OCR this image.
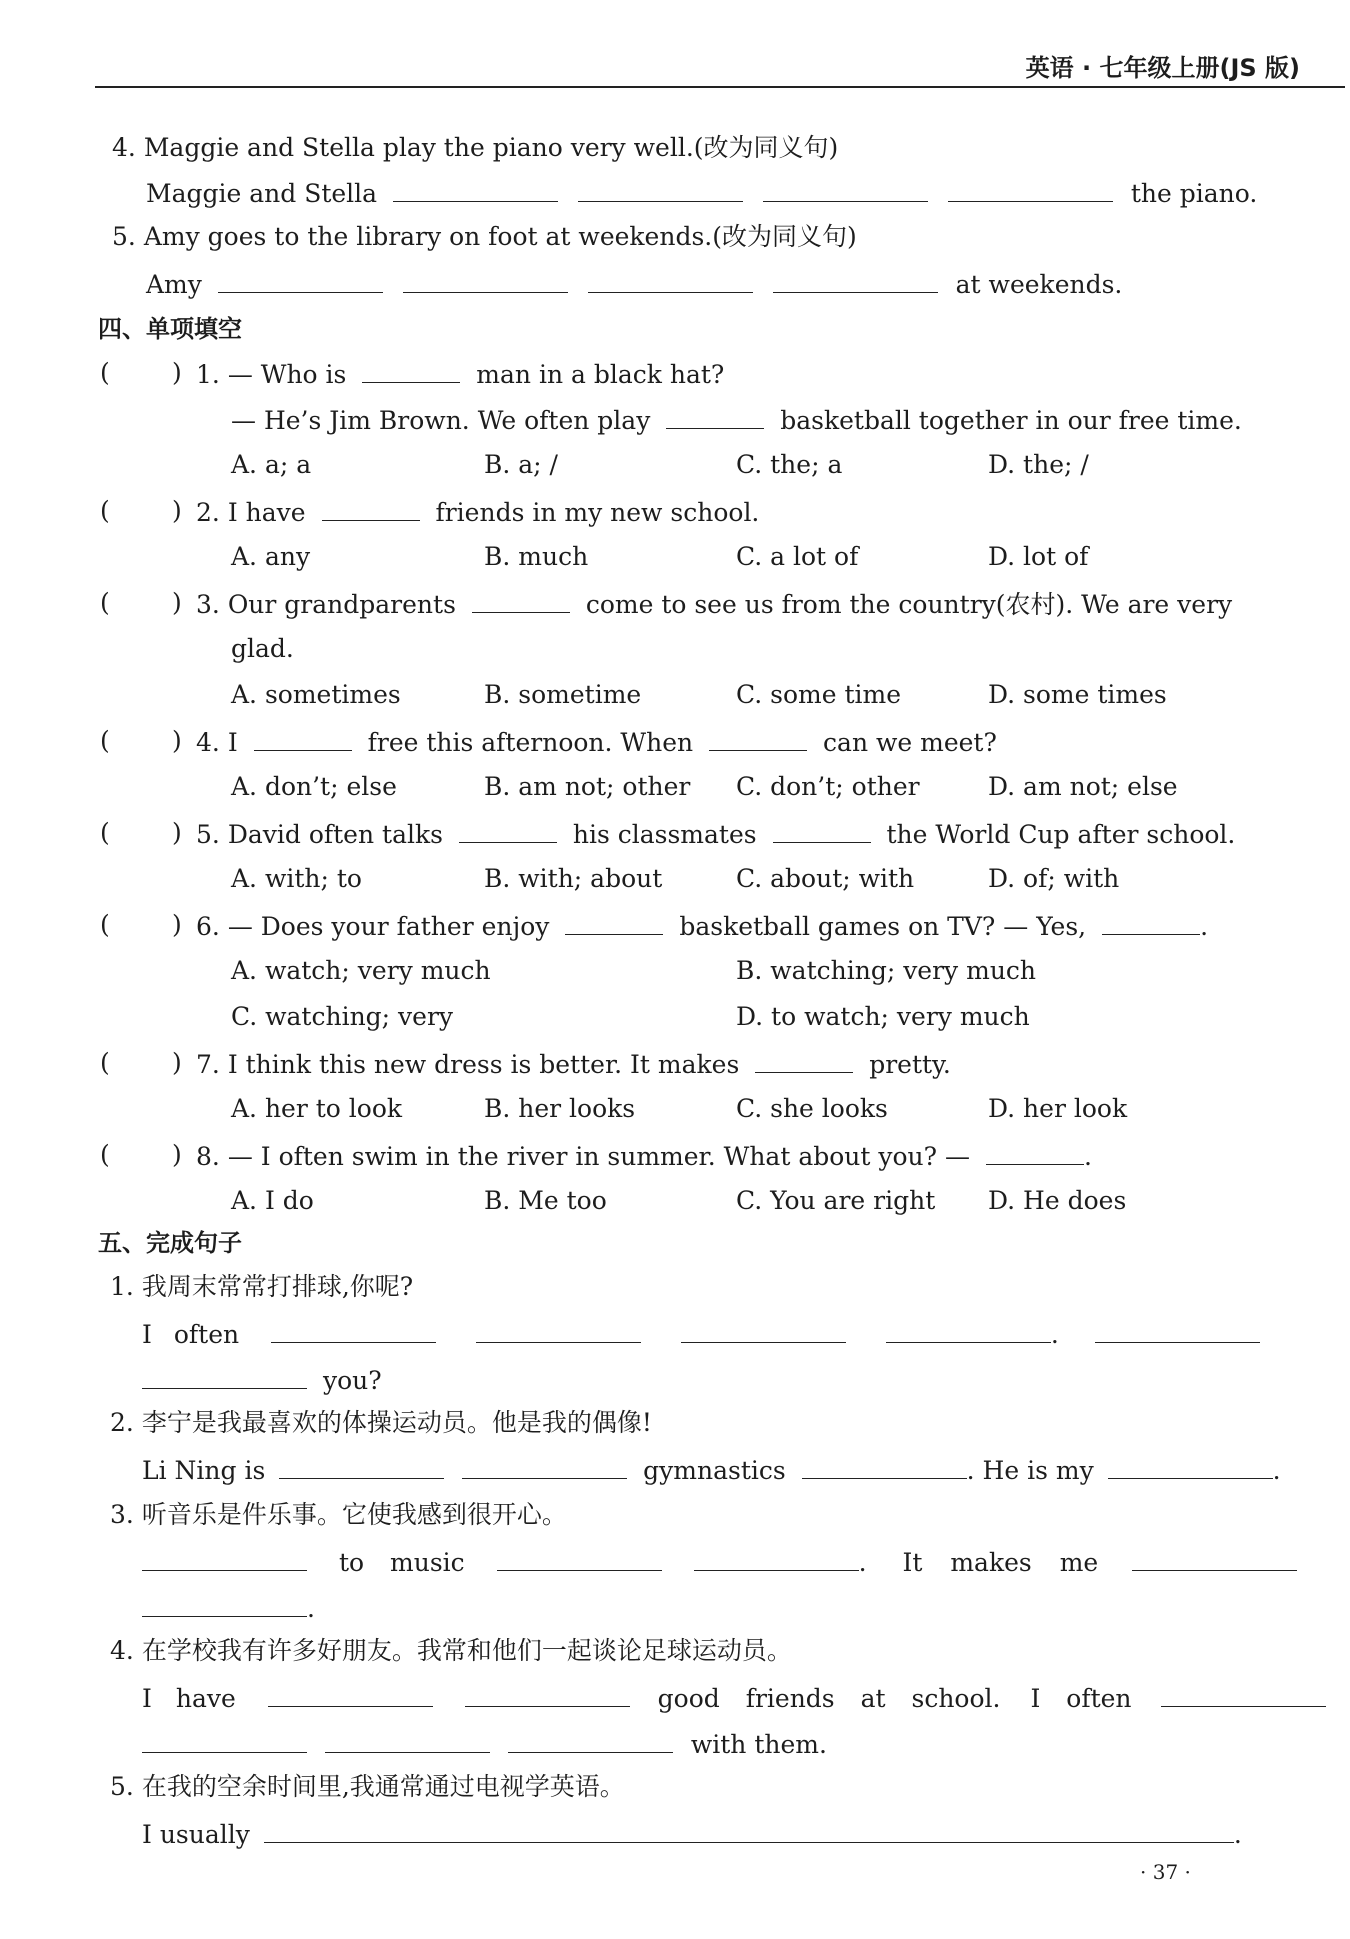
英语 · 七年级上册(JS 版)
4. Maggie and Stella play the piano very well.(改为同义句)
Maggie and Stella	the piano.
5. Amy goes to the library on foot at weekends.(改为同义句)
Amy	at weekends.
四、单项填空
( ) 1. — Who is	man in a black hat?
— He’s Jim Brown. We often play	basketball together in our free time.
A. a; a	B. a; /	C. the; a	D. the; /
( ) 2. I have	friends in my new school.
A. any	B. much	C. a lot of	D. lot of
( ) 3. Our grandparents	come to see us from the country(农村). We are very
glad.
A. sometimes	B. sometime	C. some time	D. some times
( ) 4. I	free this afternoon. When	can we meet?
A. don’t; else	B. am not; other C. don’t; other	D. am not; else
( ) 5. David often talks	his classmates	the World Cup after school.
A. with; to	B. with; about	C. about; with	D. of; with
( ) 6. — Does your father enjoy	basketball games on TV? — Yes,	.
A. watch; very much	B. watching; very much
C. watching; very	D. to watch; very much
( ) 7. I think this new dress is better. It makes	pretty.
A. her to look	B. her looks	C. she looks	D. her look
( ) 8. — I often swim in the river in summer. What about you? —	.
A. I do	B. Me too	C. You are right D. He does
五、完成句子
1. 我周末常常打排球,你呢?
I often	.
you?
2. 李宁是我最喜欢的体操运动员。他是我的偶像!
Li Ning is	gymnastics	. He is my	.
3. 听音乐是件乐事。它使我感到很开心。
to music	. It makes me
.
4. 在学校我有许多好朋友。我常和他们一起谈论足球运动员。
I have	good friends at school. I often
with them.
5. 在我的空余时间里,我通常通过电视学英语。
I usually	.
· 37 ·
